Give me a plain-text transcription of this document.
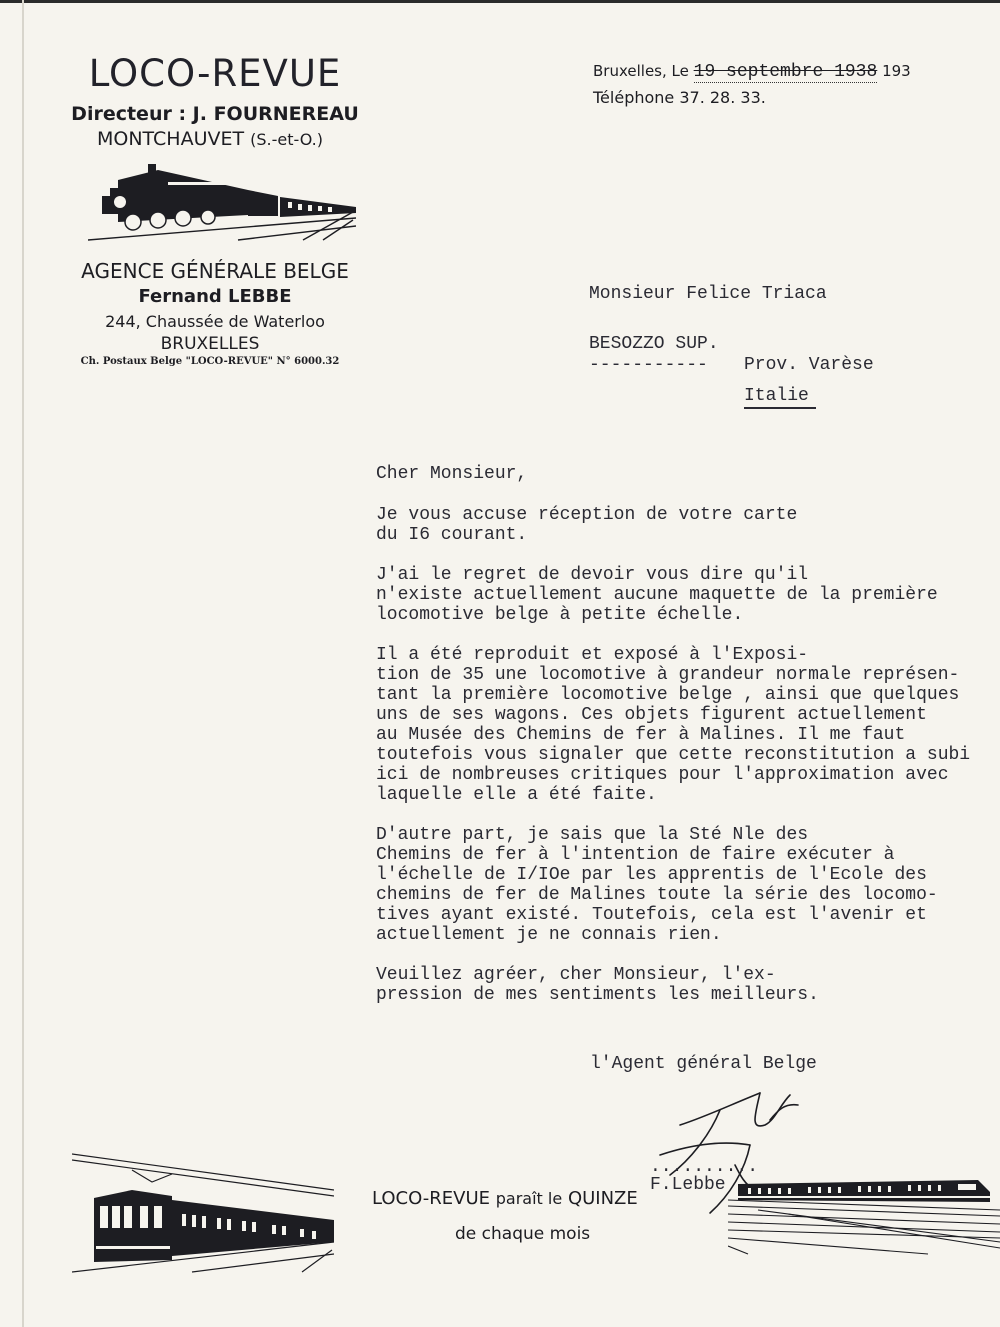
LOCO-REVUE
Directeur : J. FOURNEREAU
MONTCHAUVET (S.-et-O.)
AGENCE GÉNÉRALE BELGE
Fernand LEBBE
244, Chaussée de Waterloo
BRUXELLES
Ch. Postaux Belge "LOCO-REVUE" N° 6000.32
Bruxelles, Le 19 septembre 1938 193
Téléphone 37. 28. 33.
Monsieur Felice Triaca
BESOZZO SUP.
----------- Prov. Varèse
Italie
Cher Monsieur,
Je vous accuse réception de votre carte
du I6 courant.
J'ai le regret de devoir vous dire qu'il
n'existe actuellement aucune maquette de la première
locomotive belge à petite échelle.
Il a été reproduit et exposé à l'Exposi-
tion de 35 une locomotive à grandeur normale représen-
tant la première locomotive belge , ainsi que quelques
uns de ses wagons. Ces objets figurent actuellement
au Musée des Chemins de fer à Malines. Il me faut
toutefois vous signaler que cette reconstitution a subi
ici de nombreuses critiques pour l'approximation avec
laquelle elle a été faite.
D'autre part, je sais que la Sté Nle des
Chemins de fer à l'intention de faire exécuter à
l'échelle de I/IOe par les apprentis de l'Ecole des
chemins de fer de Malines toute la série des locomo-
tives ayant existé. Toutefois, cela est l'avenir et
actuellement je ne connais rien.
Veuillez agréer, cher Monsieur, l'ex-
pression de mes sentiments les meilleurs.
l'Agent général Belge
..........
F.Lebbe
LOCO-REVUE paraît le QUINZE
de chaque mois
